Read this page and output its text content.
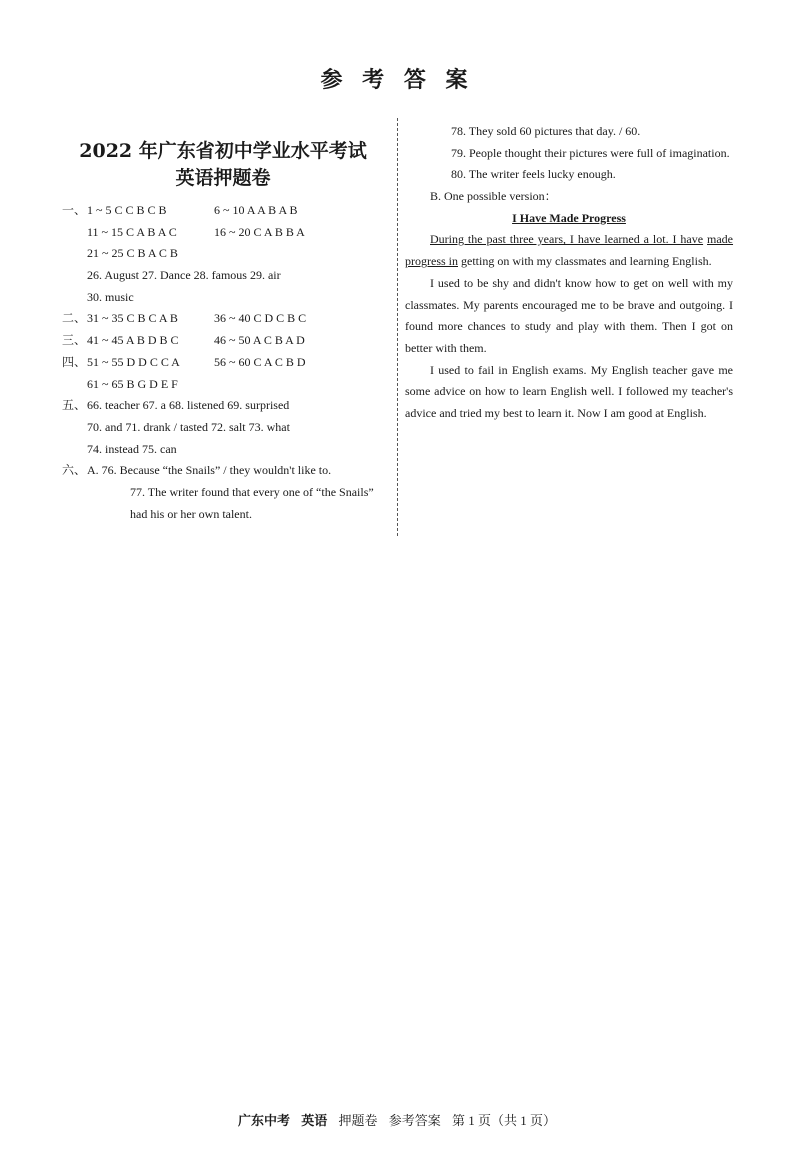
参 考 答 案
2022 年广东省初中学业水平考试
英语押题卷
一、 1 ~ 5 C C B C B	6 ~ 10 A A B A B
11 ~ 15 C A B A C	16 ~ 20 C A B B A
21 ~ 25 C B A C B
26. August 27. Dance 28. famous 29. air
30. music
二、 31 ~ 35 C B C A B	36 ~ 40 C D C B C
三、 41 ~ 45 A B D B C	46 ~ 50 A C B A D
四、 51 ~ 55 D D C C A	56 ~ 60 C A C B D
61 ~ 65 B G D E F
五、 66. teacher 67. a 68. listened 69. surprised
70. and 71. drank / tasted 72. salt 73. what
74. instead 75. can
六、 A. 76. Because “the Snails” / they wouldn't like to.
77. The writer found that every one of “the Snails”
had his or her own talent.
78. They sold 60 pictures that day. / 60.
79. People thought their pictures were full of imagination.
80. The writer feels lucky enough.
B. One possible version：
I Have Made Progress
During the past three years, I have learned a lot. I have made progress in getting on with my classmates and learning English.
I used to be shy and didn't know how to get on well with my classmates. My parents encouraged me to be brave and outgoing. I found more chances to study and play with them. Then I got on better with them.
I used to fail in English exams. My English teacher gave me some advice on how to learn English well. I followed my teacher's advice and tried my best to learn it. Now I am good at English.
广东中考 英语 押题卷 参考答案 第 1 页（共 1 页）
